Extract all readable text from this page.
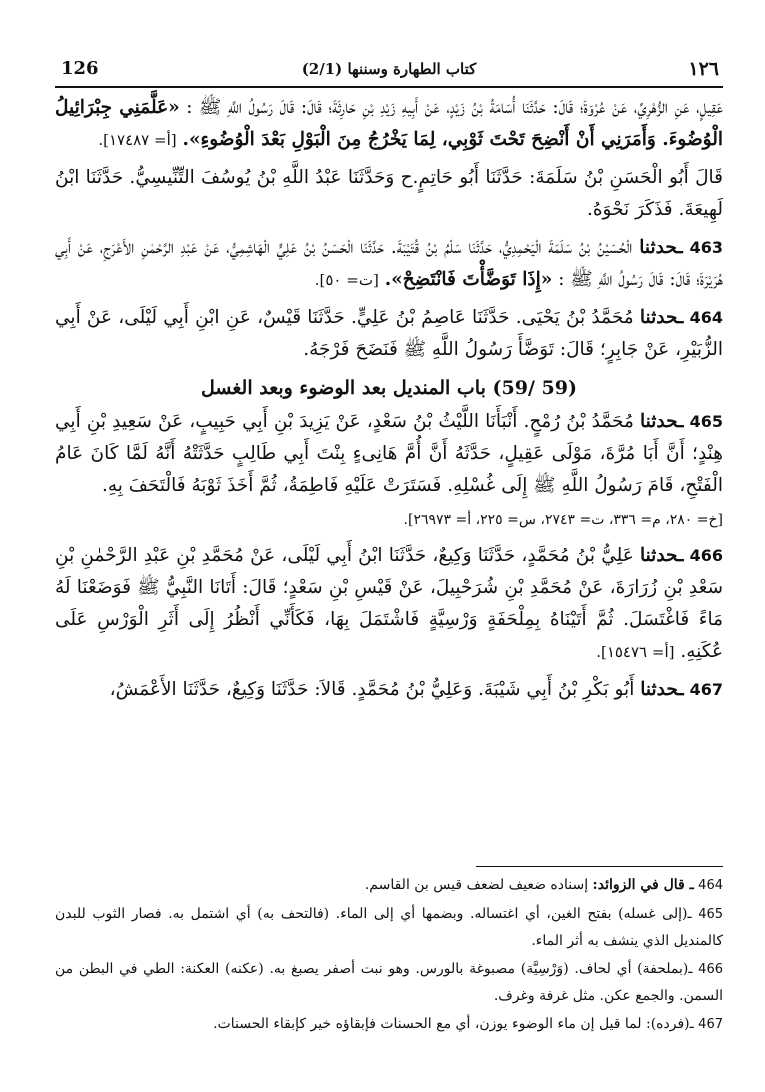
126	(2/1) كتاب الطهارة وسننها	١٢٦

عَقِيلٍ، عَنِ الزُّهْرِيِّ، عَنْ عُرْوَةَ؛ قَالَ: حَدَّثَنَا أُسَامَةُ بْنُ زَيْدٍ، عَنْ أَبِيهِ زَيْدِ بْنِ حَارِثَةَ؛ قَالَ: قَالَ رَسُولُ اللَّهِ ﷺ : «عَلَّمَنِي جِبْرَائِيلُ الْوُضُوءَ. وَأَمَرَنِي أَنْ أَنْضِحَ تَحْتَ ثَوْبِي، لِمَا يَخْرُجُ مِنَ الْبَوْلِ بَعْدَ الْوُضُوءِ». [أ= ١٧٤٨٧].

قَالَ أَبُو الْحَسَنِ بْنُ سَلَمَةَ: حَدَّثَنَا أَبُو حَاتِمٍ.ح وَحَدَّثَنَا عَبْدُ اللَّهِ بْنُ يُوسُفَ التِّنِّيسِيُّ. حَدَّثَنَا ابْنُ لَهِيعَةَ. فَذَكَرَ نَحْوَهُ.

463 ـحدثنا الْحُسَيْنُ بْنُ سَلَمَةَ الْيَحْمِدِيُّ، حَدَّثَنَا سَلْمُ بْنُ قُتَيْبَةَ. حَدَّثَنَا الْحَسَنُ بْنُ عَلِيٍّ الْهَاشِمِيُّ، عَنْ عَبْدِ الرَّحْمٰنِ الأَعْرَجِ، عَنْ أَبِي هُرَيْرَةَ؛ قَالَ: قَالَ رَسُولُ اللَّهِ ﷺ : «إِذَا تَوَضَّأْتَ فَانْتَضِحْ». [ت= ٥٠].

464 ـحدثنا مُحَمَّدُ بْنُ يَحْيَى. حَدَّثَنَا عَاصِمُ بْنُ عَلِيٍّ. حَدَّثَنَا قَيْسٌ، عَنِ ابْنِ أَبِي لَيْلَى، عَنْ أَبِي الزُّبَيْرِ، عَنْ جَابِرٍ؛ قَالَ: تَوَضَّأَ رَسُولُ اللَّهِ ﷺ فَنَضَحَ فَرْجَهُ.

(59 /59) باب المنديل بعد الوضوء وبعد الغسل

465 ـحدثنا مُحَمَّدُ بْنُ رُمْحٍ. أَنْبَأَنَا اللَّيْثُ بْنُ سَعْدٍ، عَنْ يَزِيدَ بْنِ أَبِي حَبِيبٍ، عَنْ سَعِيدِ بْنِ أَبِي هِنْدٍ؛ أَنَّ أَبَا مُرَّةَ، مَوْلَى عَقِيلٍ، حَدَّثَهُ أَنَّ أُمَّ هَانِىءٍ بِنْتَ أَبِي طَالِبٍ حَدَّثَتْهُ أَنَّهُ لَمَّا كَانَ عَامُ الْفَتْحِ، قَامَ رَسُولُ اللَّهِ ﷺ إِلَى غُسْلِهِ. فَسَتَرَتْ عَلَيْهِ فَاطِمَةُ، ثُمَّ أَخَذَ ثَوْبَهُ فَالْتَحَفَ بِهِ.

[خ= ٢٨٠، م= ٣٣٦، ت= ٢٧٤٣، س= ٢٢٥، أ= ٢٦٩٧٣].

466 ـحدثنا عَلِيُّ بْنُ مُحَمَّدٍ، حَدَّثَنَا وَكِيعٌ، حَدَّثَنَا ابْنُ أَبِي لَيْلَى، عَنْ مُحَمَّدِ بْنِ عَبْدِ الرَّحْمٰنِ بْنِ سَعْدِ بْنِ زُرَارَةَ، عَنْ مُحَمَّدِ بْنِ شُرَحْبِيلَ، عَنْ قَيْسِ بْنِ سَعْدٍ؛ قَالَ: أَتَانَا النَّبِيُّ ﷺ فَوَضَعْنَا لَهُ مَاءً فَاغْتَسَلَ. ثُمَّ أَتَيْنَاهُ بِمِلْحَفَةٍ وَرْسِيَّةٍ فَاشْتَمَلَ بِهَا، فَكَأَنِّي أَنْظُرُ إِلَى أَثَرِ الْوَرْسِ عَلَى عُكَنِهِ. [أ= ١٥٤٧٦].

467 ـحدثنا أَبُو بَكْرِ بْنُ أَبِي شَيْبَةَ. وَعَلِيُّ بْنُ مُحَمَّدٍ. قَالاَ: حَدَّثَنَا وَكِيعٌ، حَدَّثَنَا الأَعْمَشُ،

464 ـ قال في الزوائد: إسناده ضعيف لضعف قيس بن القاسم.

465 ـ(إلى غسله) بفتح الغين، أي اغتساله. وبضمها أي إلى الماء. (فالتحف به) أي اشتمل به. فصار الثوب للبدن كالمنديل الذي ينشف به أثر الماء.

466 ـ(بملحفة) أي لحاف. (وَرْسِيَّة) مصبوغة بالورس. وهو نبت أصفر يصبغ به. (عكنه) العكنة: الطي في البطن من السمن. والجمع عكن. مثل غرفة وغرف.

467 ـ(فرده): لما قيل إن ماء الوضوء يوزن، أي مع الحسنات فإبقاؤه خير كإبقاء الحسنات.
